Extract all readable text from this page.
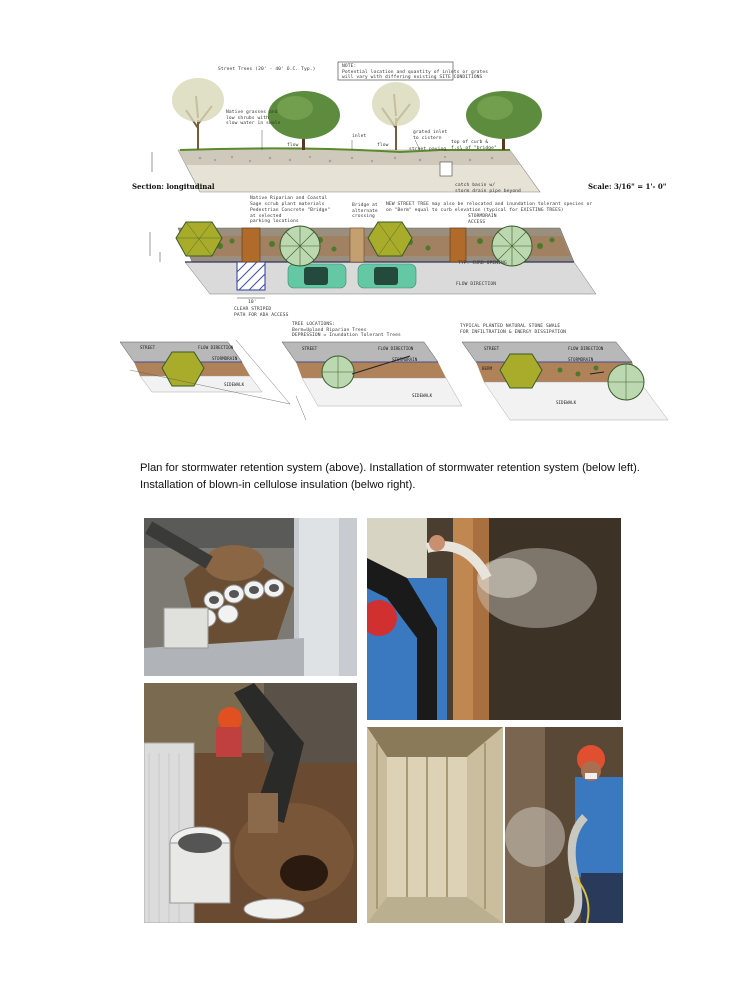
Street Trees (20' - 40' O.C. Typ.)
Native grasses and
low shrubs with
slow water in swale
flow
inlet
flow
grated inlet
to cistern
street paving
top of curb &
f.s. of "bridge"
catch basin w/
storm drain pipe beyond
NOTE:
Potential location and quantity of inlets or grates
will vary with differing existing SITE CONDITIONS
Section: longitudinal	Scale: 3/16" = 1'- 0"
Native Riparian and Coastal
Sage scrub plant materials
Pedestrian Concrete "Bridge"
at selected
parking locations
Bridge at
alternate
crossing
NEW STREET TREE may also be relocated and inundation tolerant species or
on "Berm" equal to curb elevation (typical for EXISTING TREES)
STORMDRAIN
ACCESS
TYP. CURB OPENING
FLOW DIRECTION
10'
CLEAR STRIPED
PATH FOR ADA ACCESS
STREET	FLOW DIRECTION
STORMDRAIN
SIDEWALK
TREE LOCATIONS:
Berm=Upland Riparian Trees
DEPRESSION = Inundation Tolerant Trees
STREET	FLOW DIRECTION
STORMDRAIN
SIDEWALK
TYPICAL PLANTED NATURAL STONE SWALE
FOR INFILTRATION & ENERGY DISSIPATION
STREET	FLOW DIRECTION
STORMDRAIN
BERM
SIDEWALK
Plan for stormwater retention system (above). Installation of stormwater retention system (below left).
Installation of blown-in cellulose insulation (belwo right).
